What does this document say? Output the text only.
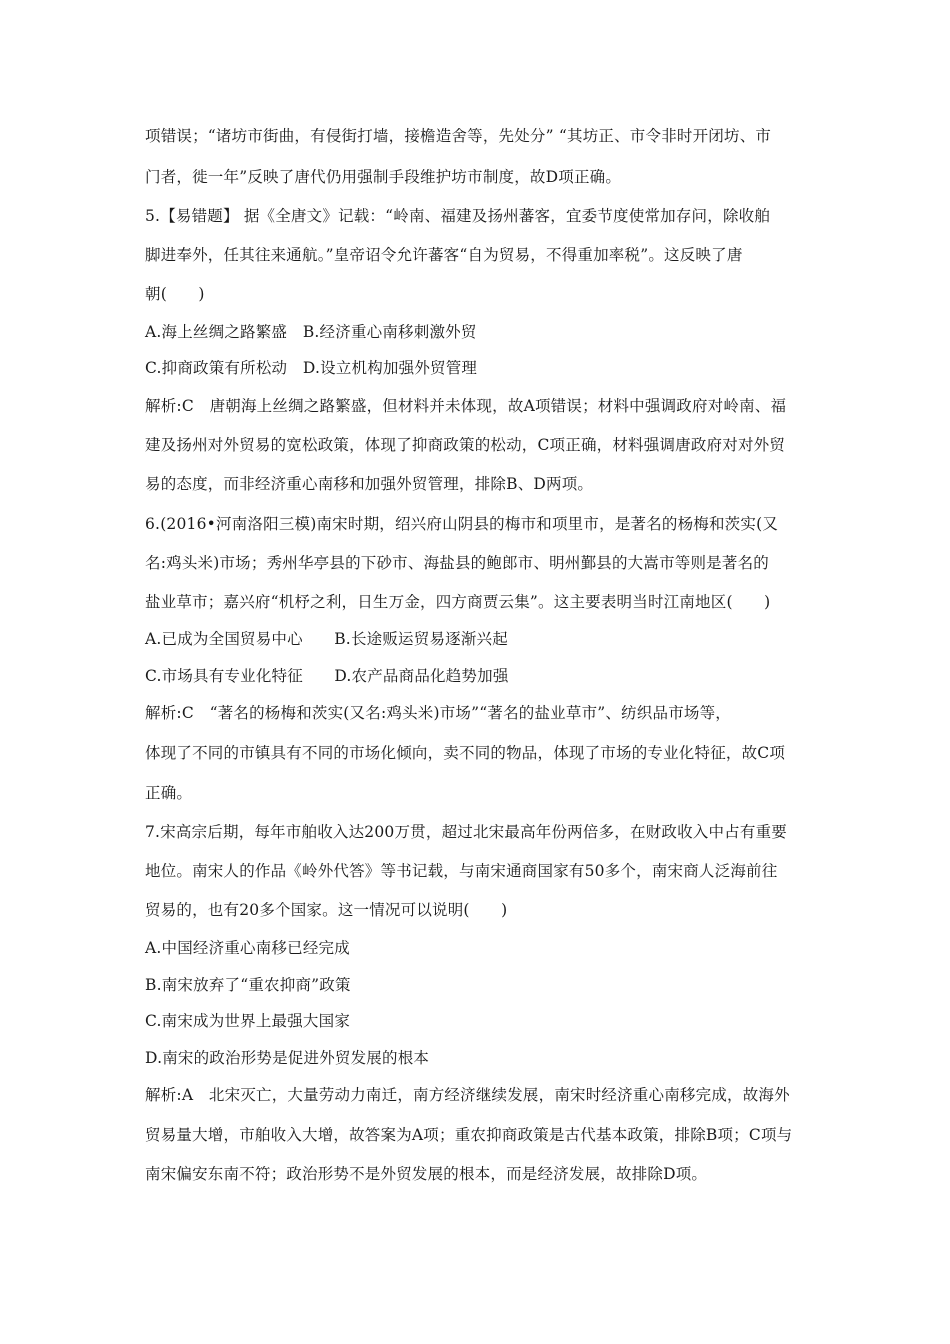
项错误；“诸坊市街曲，有侵街打墙，接檐造舍等，先处分” “其坊正、市令非时开闭坊、市
门者，徙一年”反映了唐代仍用强制手段维护坊市制度，故D项正确。
5.【易错题】 据《全唐文》记载：“岭南、福建及扬州蕃客，宜委节度使常加存问，除收舶
脚进奉外，任其往来通航。”皇帝诏令允许蕃客“自为贸易，不得重加率税”。这反映了唐
朝(　　)
A.海上丝绸之路繁盛　B.经济重心南移刺激外贸
C.抑商政策有所松动　D.设立机构加强外贸管理
解析:C　唐朝海上丝绸之路繁盛，但材料并未体现，故A项错误；材料中强调政府对岭南、福
建及扬州对外贸易的宽松政策，体现了抑商政策的松动，C项正确，材料强调唐政府对对外贸
易的态度，而非经济重心南移和加强外贸管理，排除B、D两项。
6.(2016•河南洛阳三模)南宋时期，绍兴府山阴县的梅市和项里市，是著名的杨梅和茨实(又
名:鸡头米)市场；秀州华亭县的下砂市、海盐县的鲍郎市、明州鄞县的大嵩市等则是著名的
盐业草市；嘉兴府“机杼之利，日生万金，四方商贾云集”。这主要表明当时江南地区(　　)
A.已成为全国贸易中心　　B.长途贩运贸易逐渐兴起
C.市场具有专业化特征　　D.农产品商品化趋势加强
解析:C　“著名的杨梅和茨实(又名:鸡头米)市场”“著名的盐业草市”、纺织品市场等，
体现了不同的市镇具有不同的市场化倾向，卖不同的物品，体现了市场的专业化特征，故C项
正确。
7.宋高宗后期，每年市舶收入达200万贯，超过北宋最高年份两倍多，在财政收入中占有重要
地位。南宋人的作品《岭外代答》等书记载，与南宋通商国家有50多个，南宋商人泛海前往
贸易的，也有20多个国家。这一情况可以说明(　　)
A.中国经济重心南移已经完成
B.南宋放弃了“重农抑商”政策
C.南宋成为世界上最强大国家
D.南宋的政治形势是促进外贸发展的根本
解析:A　北宋灭亡，大量劳动力南迁，南方经济继续发展，南宋时经济重心南移完成，故海外
贸易量大增，市舶收入大增，故答案为A项；重农抑商政策是古代基本政策，排除B项；C项与
南宋偏安东南不符；政治形势不是外贸发展的根本，而是经济发展，故排除D项。
